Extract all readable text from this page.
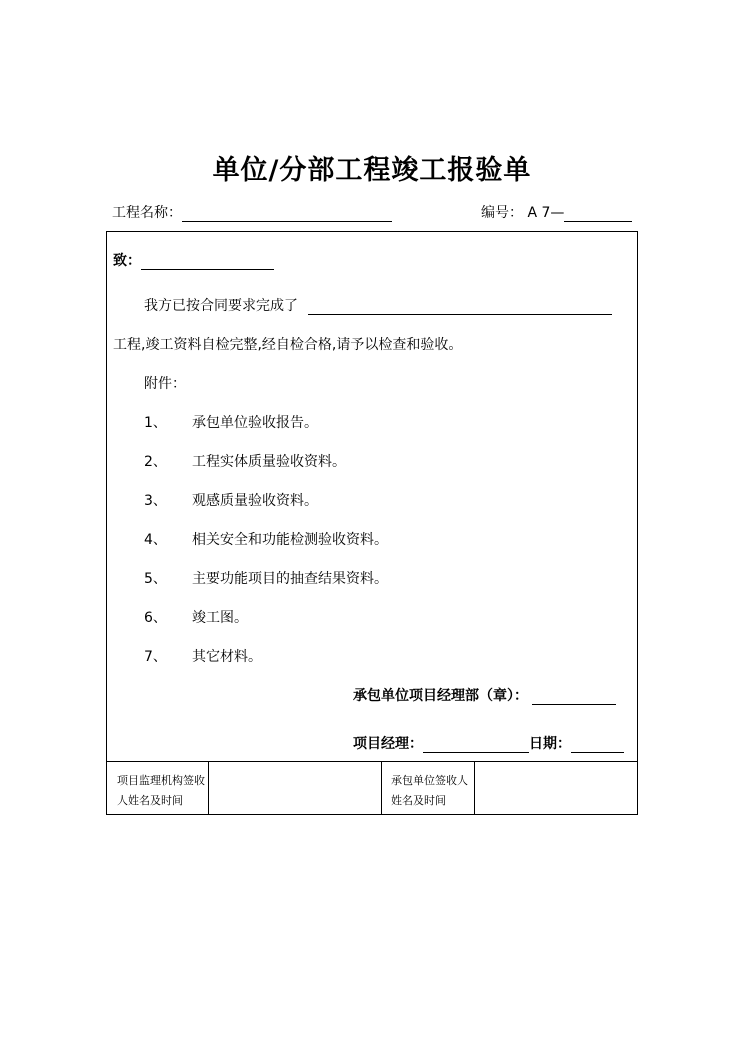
单位/分部工程竣工报验单
工程名称：	编号： A 7—
致：
我方已按合同要求完成了
工程,竣工资料自检完整,经自检合格,请予以检查和验收。
附件：
1、 承包单位验收报告。
2、 工程实体质量验收资料。
3、 观感质量验收资料。
4、 相关安全和功能检测验收资料。
5、 主要功能项目的抽查结果资料。
6、 竣工图。
7、 其它材料。
承包单位项目经理部（章）：
项目经理：	日期：
项目监理机构签收人姓名及时间
承包单位签收人姓名及时间
